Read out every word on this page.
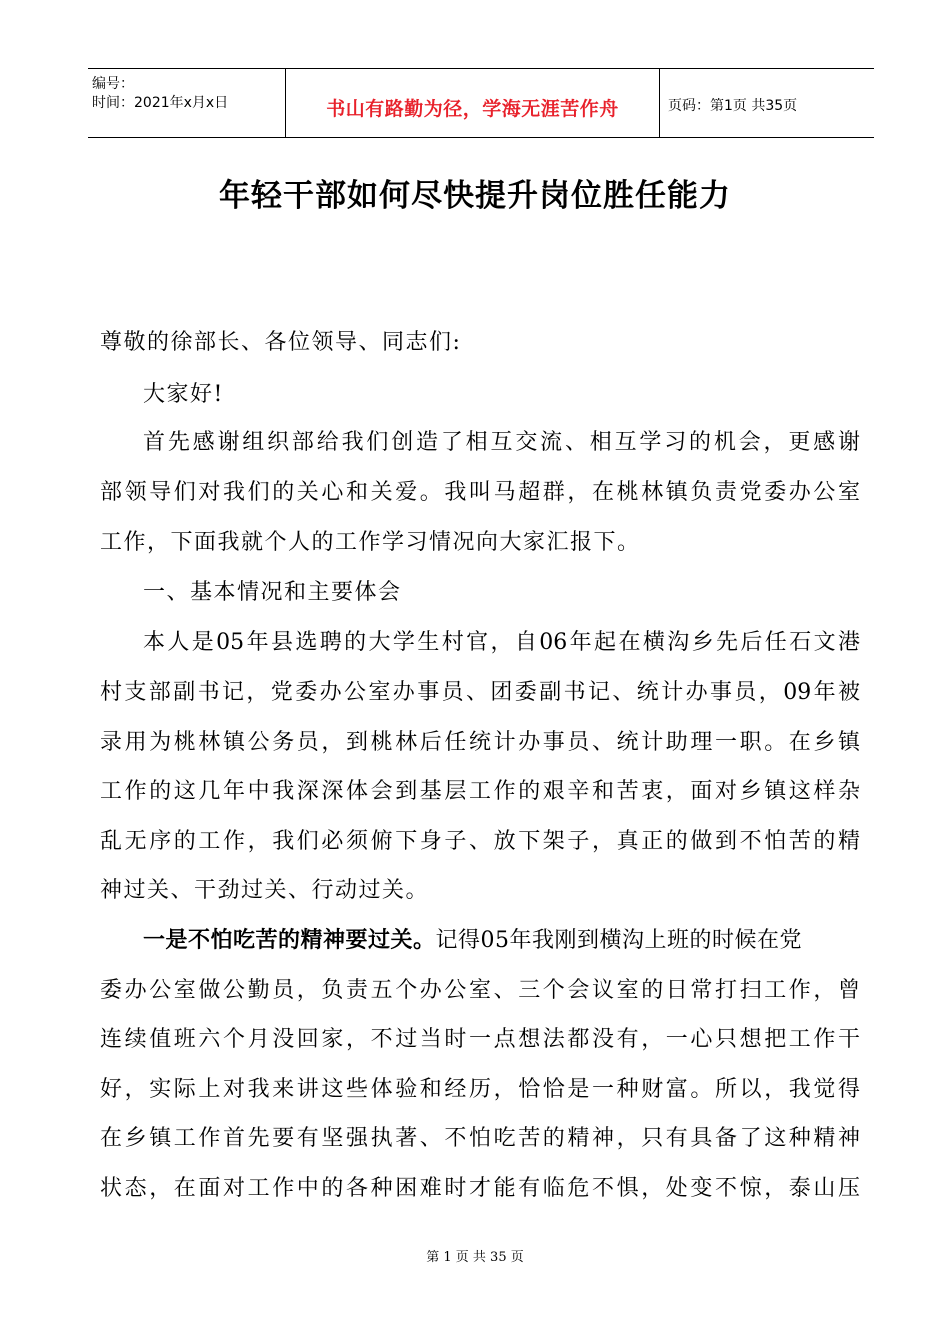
编号：
时间：2021年x月x日	书山有路勤为径，学海无涯苦作舟	页码：第1页 共35页
年轻干部如何尽快提升岗位胜任能力
尊敬的徐部长、各位领导、同志们:
大家好!
首先感谢组织部给我们创造了相互交流、相互学习的机会，更感谢
部领导们对我们的关心和关爱。我叫马超群，在桃林镇负责党委办公室
工作，下面我就个人的工作学习情况向大家汇报下。
一、基本情况和主要体会
本人是05年县选聘的大学生村官，自06年起在横沟乡先后任石文港
村支部副书记，党委办公室办事员、团委副书记、统计办事员，09年被
录用为桃林镇公务员，到桃林后任统计办事员、统计助理一职。在乡镇
工作的这几年中我深深体会到基层工作的艰辛和苦衷，面对乡镇这样杂
乱无序的工作，我们必须俯下身子、放下架子，真正的做到不怕苦的精
神过关、干劲过关、行动过关。
一是不怕吃苦的精神要过关。记得05年我刚到横沟上班的时候在党
委办公室做公勤员，负责五个办公室、三个会议室的日常打扫工作，曾
连续值班六个月没回家，不过当时一点想法都没有，一心只想把工作干
好，实际上对我来讲这些体验和经历，恰恰是一种财富。所以，我觉得
在乡镇工作首先要有坚强执著、不怕吃苦的精神，只有具备了这种精神
状态，在面对工作中的各种困难时才能有临危不惧，处变不惊，泰山压
第 1 页 共 35 页
